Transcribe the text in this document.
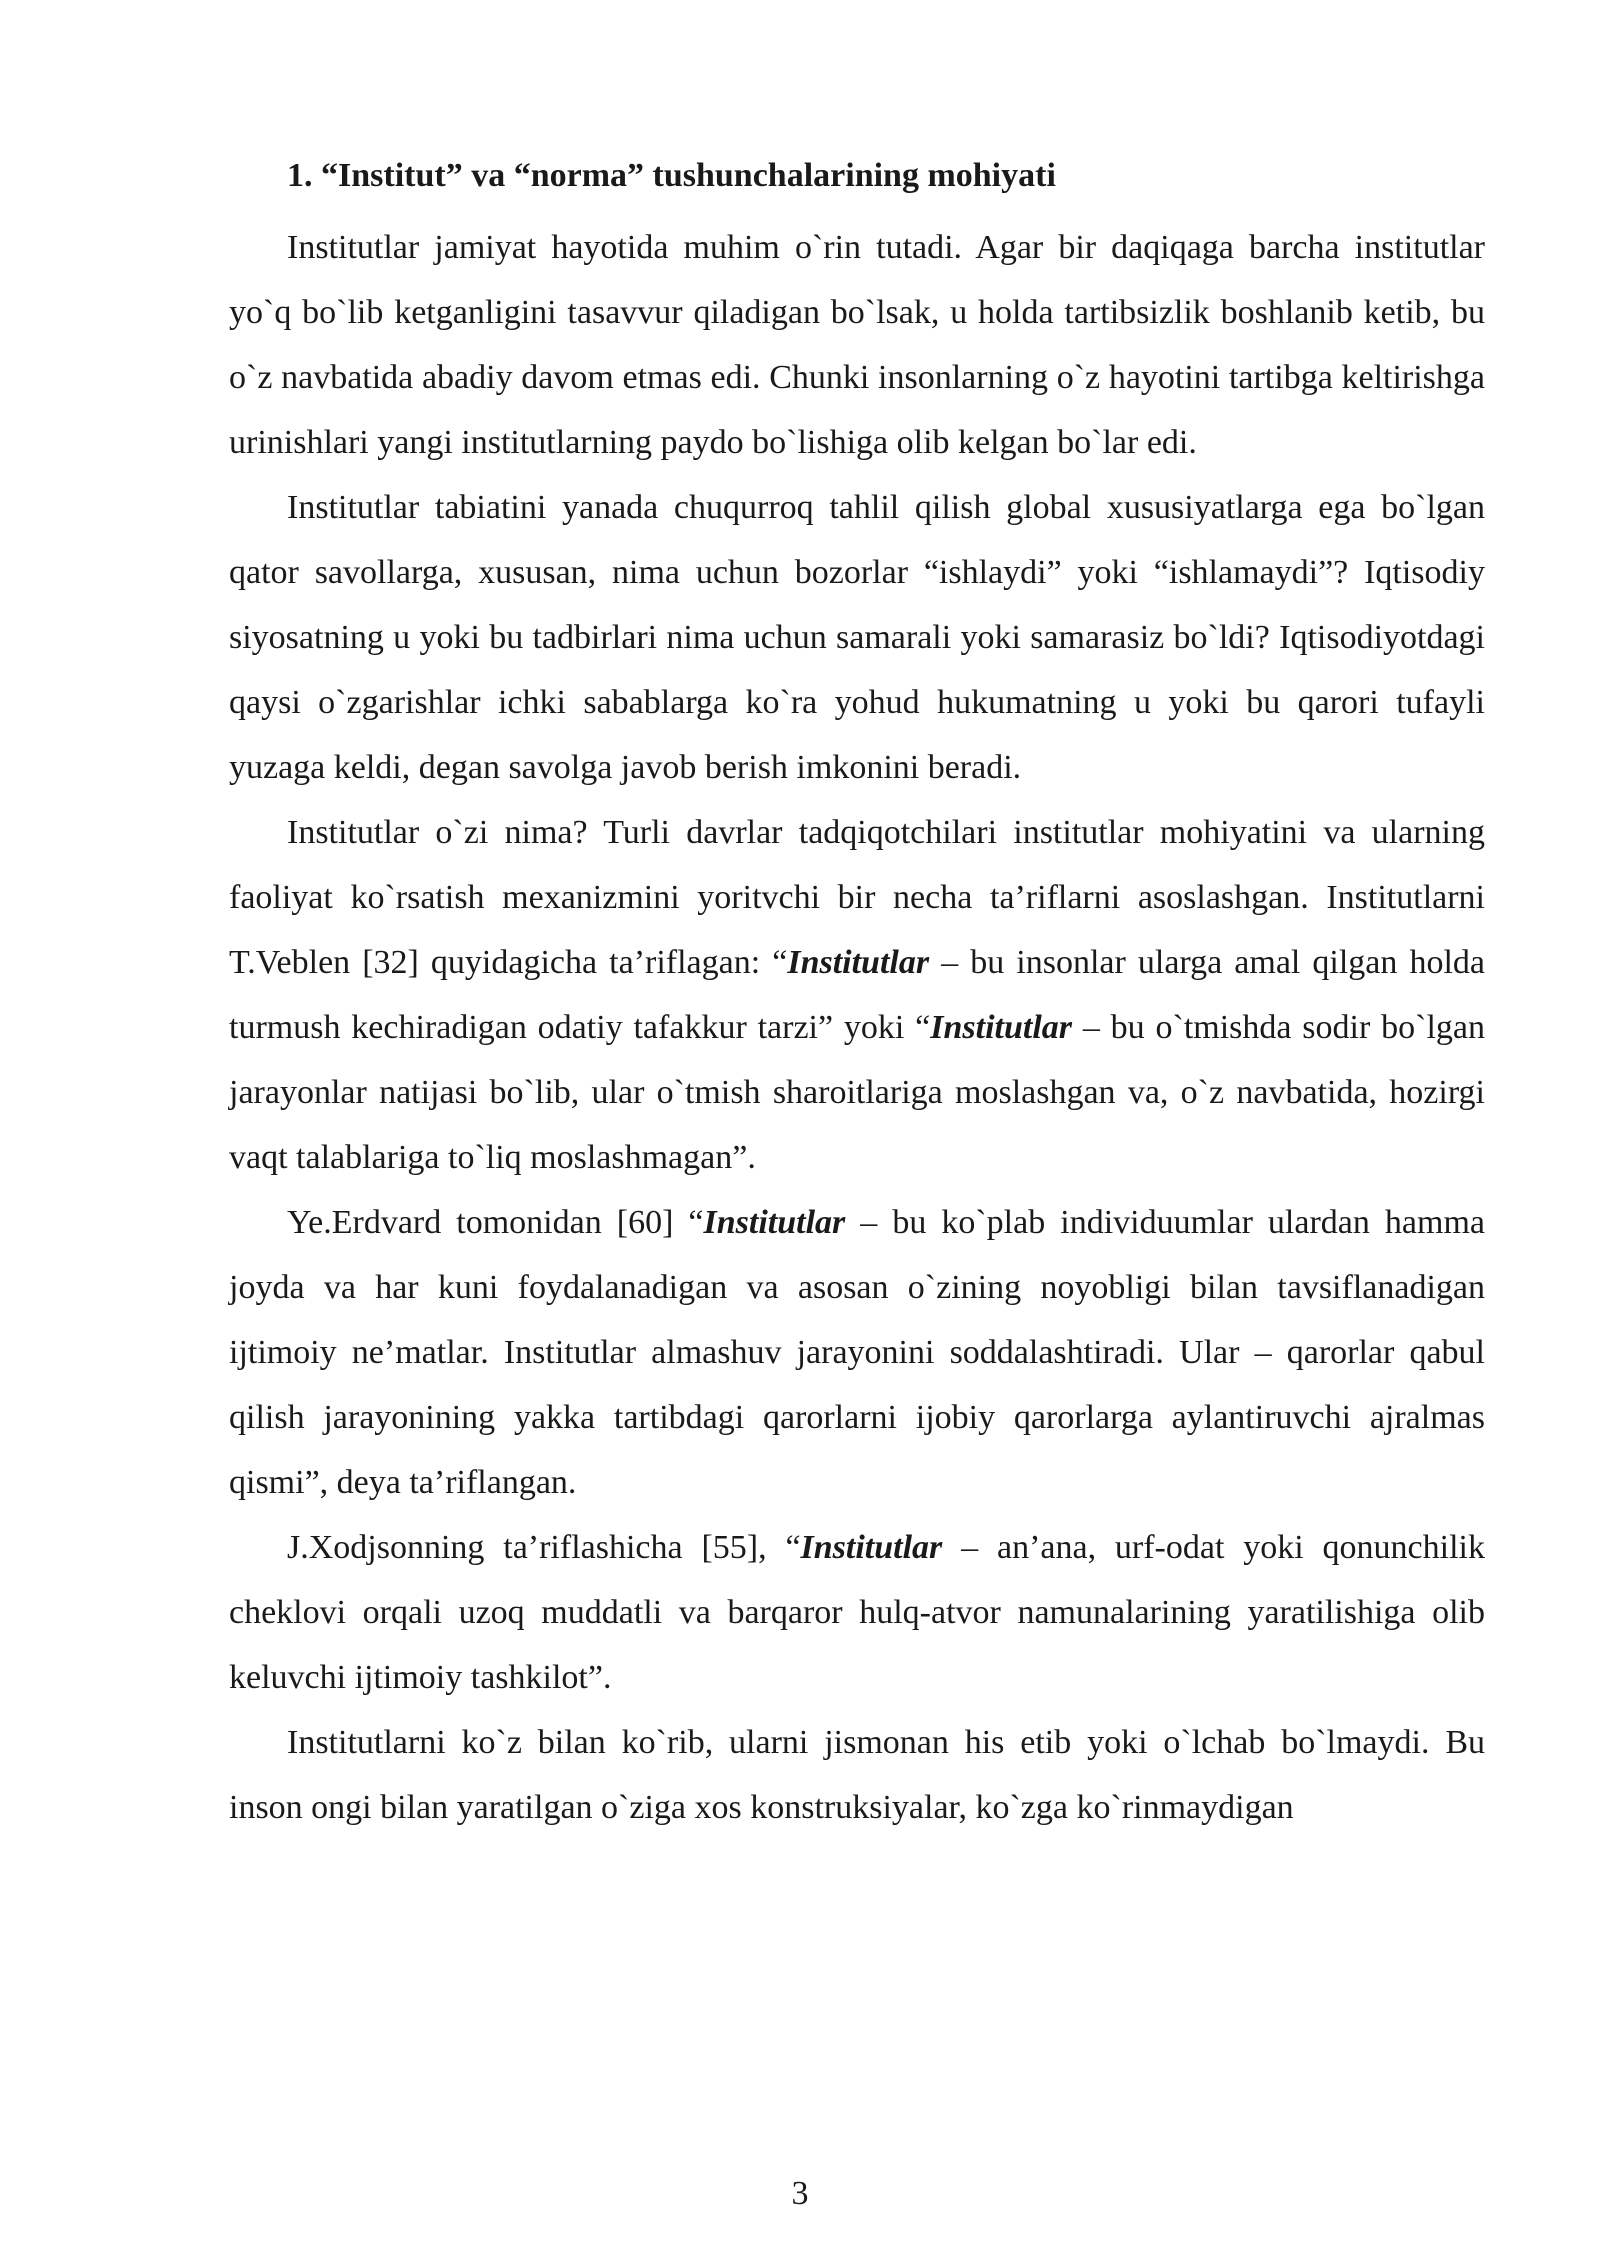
1. “Institut” va “norma” tushunchalarining mohiyati

Institutlar jamiyat hayotida muhim o`rin tutadi. Agar bir daqiqaga barcha institutlar yo`q bo`lib ketganligini tasavvur qiladigan bo`lsak, u holda tartibsizlik boshlanib ketib, bu o`z navbatida abadiy davom etmas edi. Chunki insonlarning o`z hayotini tartibga keltirishga urinishlari yangi institutlarning paydo bo`lishiga olib kelgan bo`lar edi.

Institutlar tabiatini yanada chuqurroq tahlil qilish global xususiyatlarga ega bo`lgan qator savollarga, xususan, nima uchun bozorlar “ishlaydi” yoki “ishlamaydi”? Iqtisodiy siyosatning u yoki bu tadbirlari nima uchun samarali yoki samarasiz bo`ldi? Iqtisodiyotdagi qaysi o`zgarishlar ichki sabablarga ko`ra yohud hukumatning u yoki bu qarori tufayli yuzaga keldi, degan savolga javob berish imkonini beradi.

Institutlar o`zi nima? Turli davrlar tadqiqotchilari institutlar mohiyatini va ularning faoliyat ko`rsatish mexanizmini yoritvchi bir necha ta’riflarni asoslashgan. Institutlarni T.Veblen [32] quyidagicha ta’riflagan: “Institutlar – bu insonlar ularga amal qilgan holda turmush kechiradigan odatiy tafakkur tarzi” yoki “Institutlar – bu o`tmishda sodir bo`lgan jarayonlar natijasi bo`lib, ular o`tmish sharoitlariga moslashgan va, o`z navbatida, hozirgi vaqt talablariga to`liq moslashmagan”.

Ye.Erdvard tomonidan [60] “Institutlar – bu ko`plab individuumlar ulardan hamma joyda va har kuni foydalanadigan va asosan o`zining noyobligi bilan tavsiflanadigan ijtimoiy ne’matlar. Institutlar almashuv jarayonini soddalashtiradi. Ular – qarorlar qabul qilish jarayonining yakka tartibdagi qarorlarni ijobiy qarorlarga aylantiruvchi ajralmas qismi”, deya ta’riflangan.

J.Xodjsonning ta’riflashicha [55], “Institutlar – an’ana, urf-odat yoki qonunchilik cheklovi orqali uzoq muddatli va barqaror hulq-atvor namunalarining yaratilishiga olib keluvchi ijtimoiy tashkilot”.

Institutlarni ko`z bilan ko`rib, ularni jismonan his etib yoki o`lchab bo`lmaydi. Bu inson ongi bilan yaratilgan o`ziga xos konstruksiyalar, ko`zga ko`rinmaydigan

3
